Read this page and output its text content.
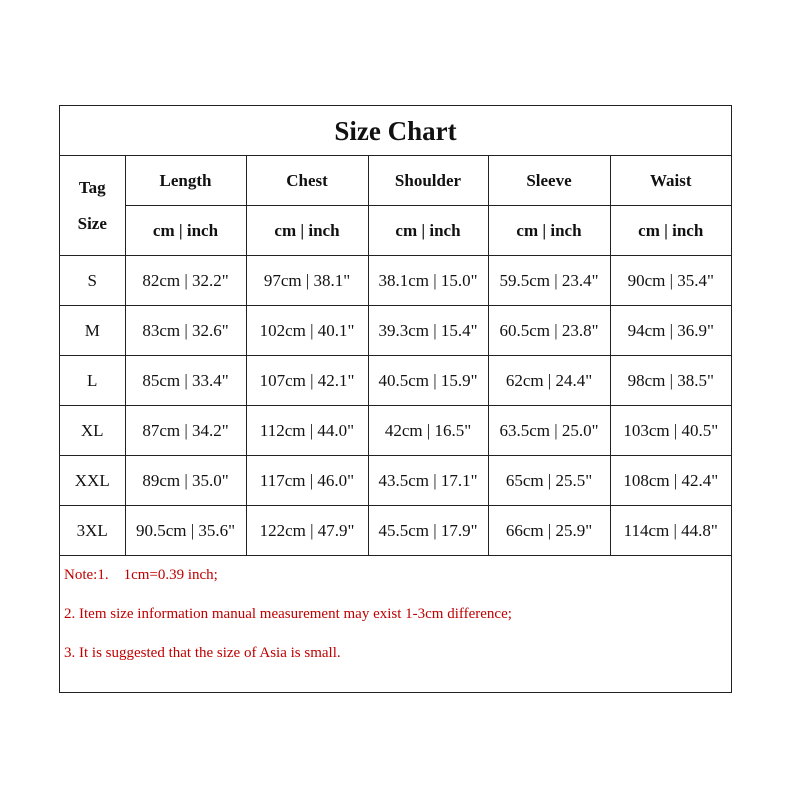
Size Chart
Tag
Size	Length	Chest	Shoulder	Sleeve	Waist
	cm | inch	cm | inch	cm | inch	cm | inch	cm | inch
S	82cm | 32.2"	97cm | 38.1"	38.1cm | 15.0"	59.5cm | 23.4"	90cm | 35.4"
M	83cm | 32.6"	102cm | 40.1"	39.3cm | 15.4"	60.5cm | 23.8"	94cm | 36.9"
L	85cm | 33.4"	107cm | 42.1"	40.5cm | 15.9"	62cm | 24.4"	98cm | 38.5"
XL	87cm | 34.2"	112cm | 44.0"	42cm | 16.5"	63.5cm | 25.0"	103cm | 40.5"
XXL	89cm | 35.0"	117cm | 46.0"	43.5cm | 17.1"	65cm | 25.5"	108cm | 42.4"
3XL	90.5cm | 35.6"	122cm | 47.9"	45.5cm | 17.9"	66cm | 25.9"	114cm | 44.8"
Note:1.    1cm=0.39 inch;
2. Item size information manual measurement may exist 1-3cm difference;
3. It is suggested that the size of Asia is small.
